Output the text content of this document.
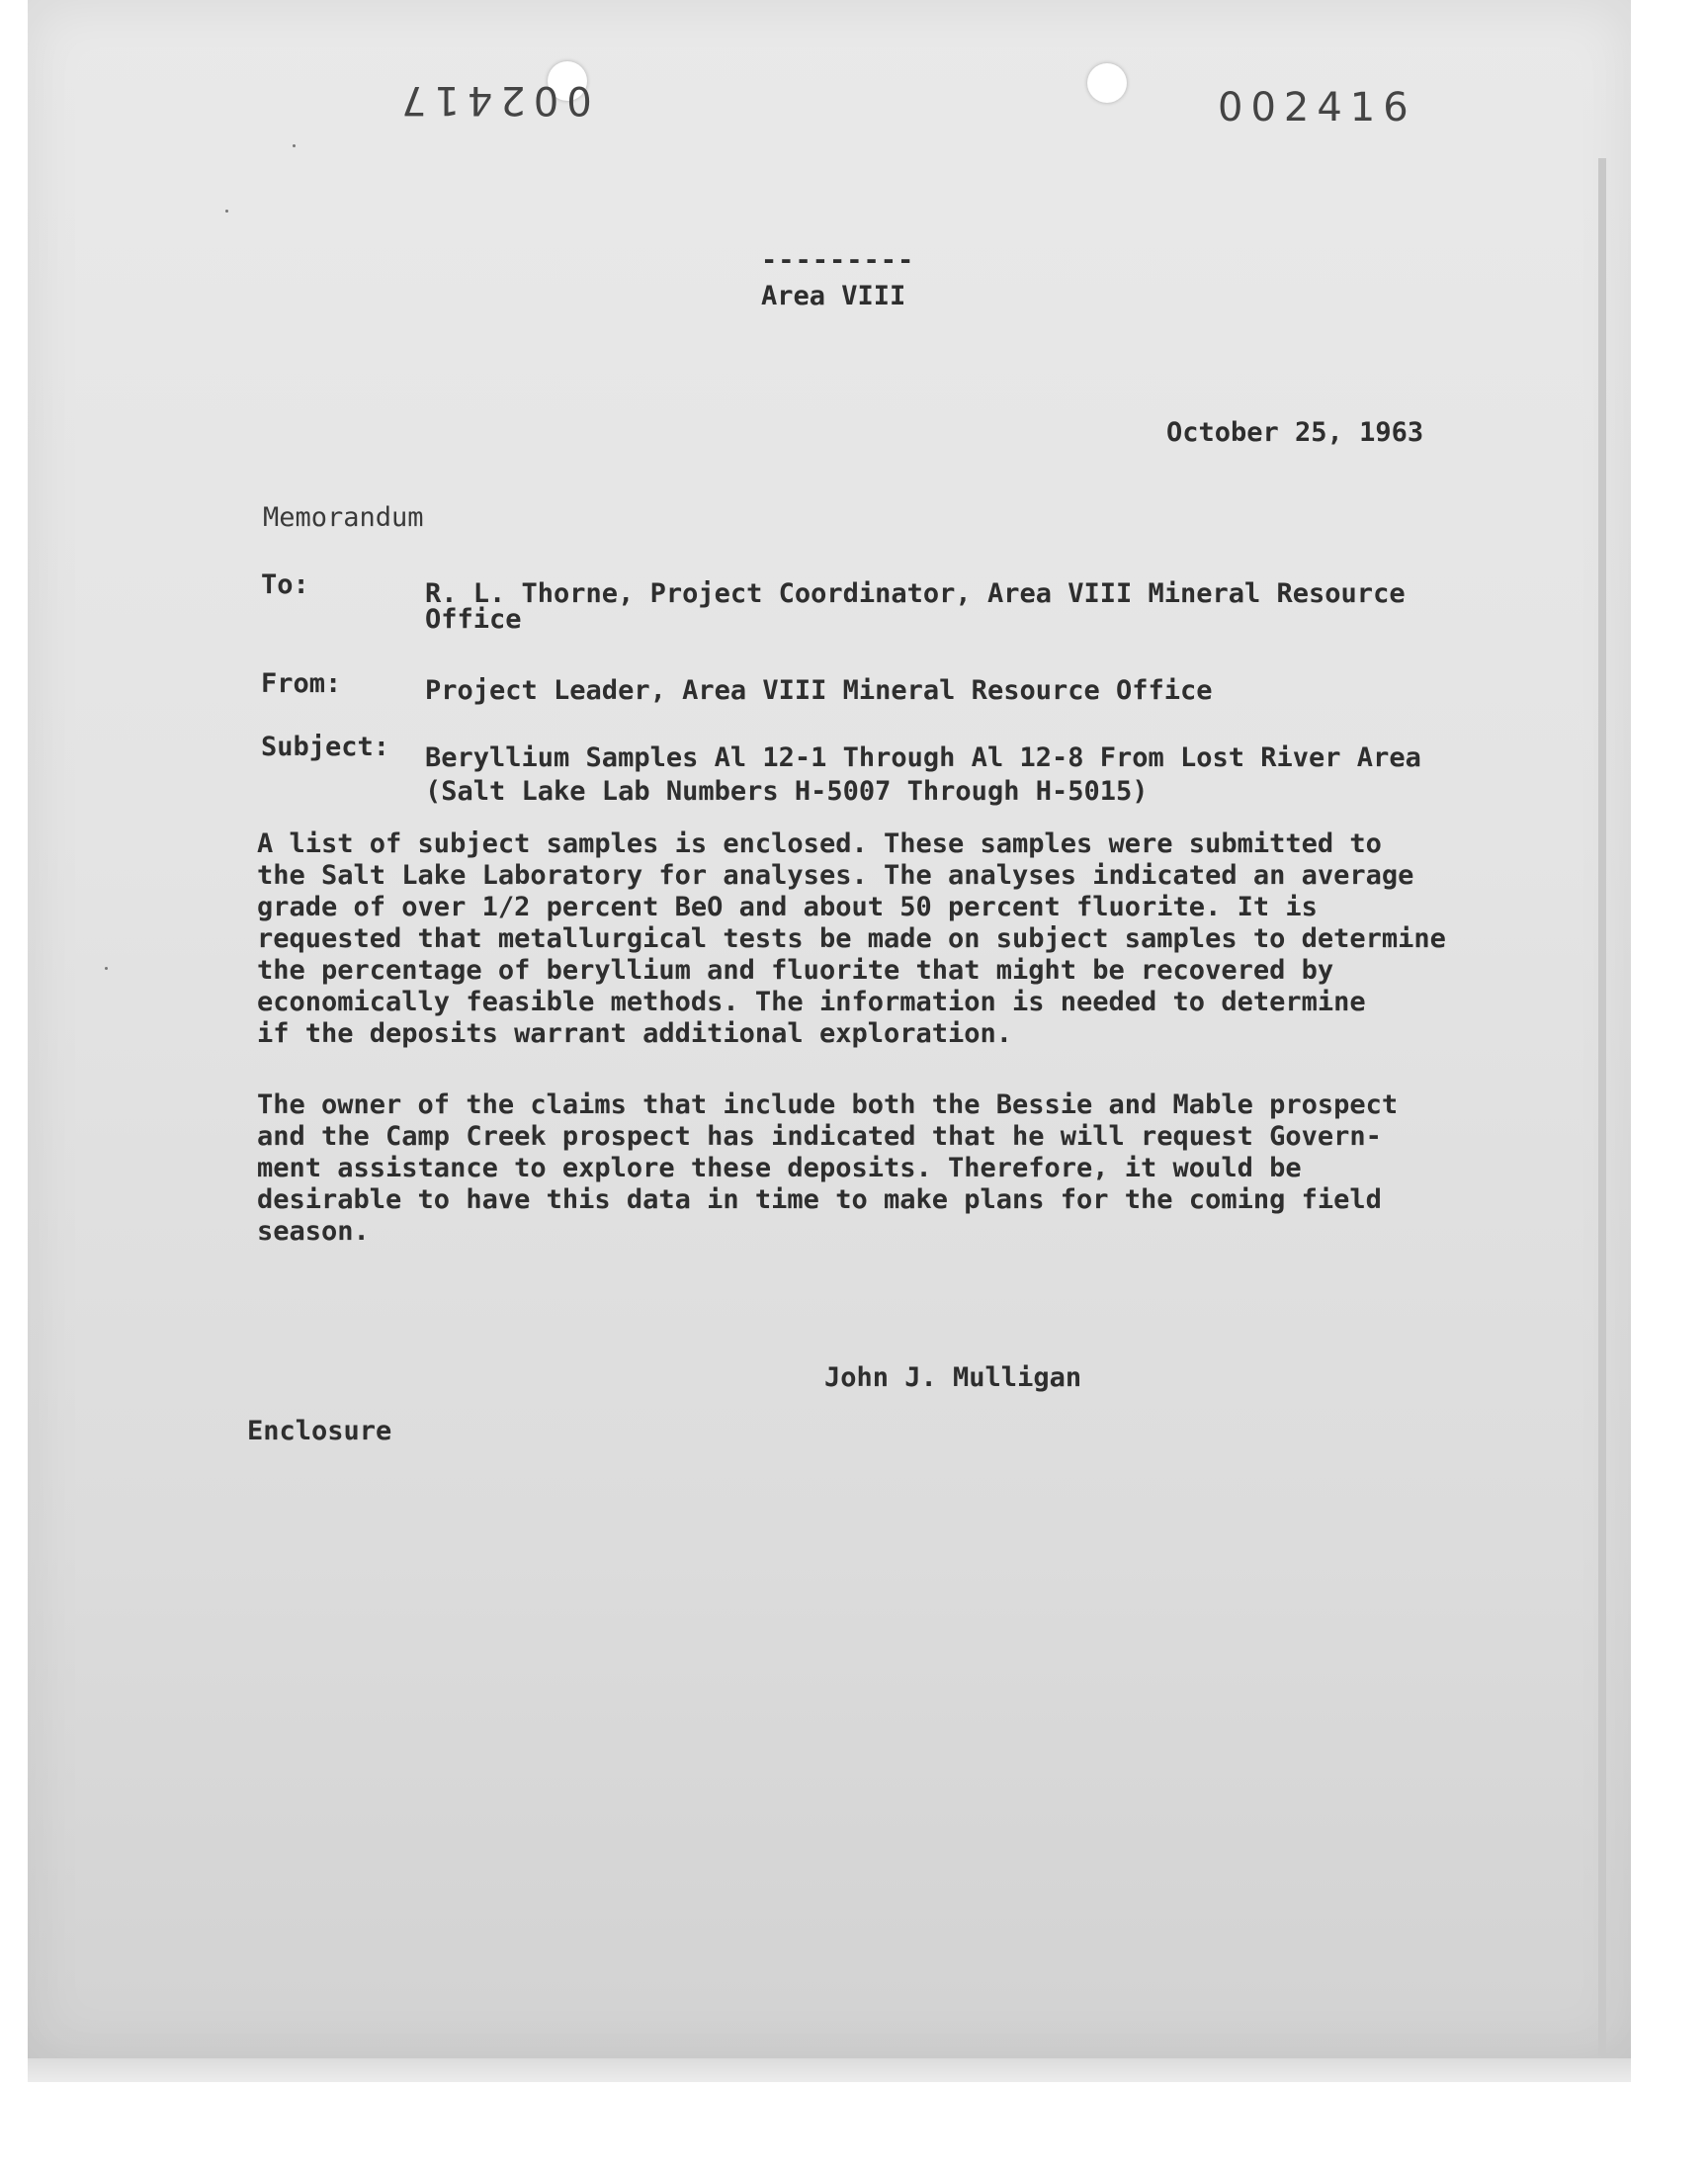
002417	002416
---------
Area VIII
October 25, 1963
Memorandum
To:	R. L. Thorne, Project Coordinator, Area VIII Mineral Resource
Office
From:	Project Leader, Area VIII Mineral Resource Office
Subject: Beryllium Samples Al 12-1 Through Al 12-8 From Lost River Area
(Salt Lake Lab Numbers H-5007 Through H-5015)
A list of subject samples is enclosed. These samples were submitted to
the Salt Lake Laboratory for analyses. The analyses indicated an average
grade of over 1/2 percent BeO and about 50 percent fluorite. It is
requested that metallurgical tests be made on subject samples to determine
the percentage of beryllium and fluorite that might be recovered by
economically feasible methods. The information is needed to determine
if the deposits warrant additional exploration.
The owner of the claims that include both the Bessie and Mable prospect
and the Camp Creek prospect has indicated that he will request Govern-
ment assistance to explore these deposits. Therefore, it would be
desirable to have this data in time to make plans for the coming field
season.
John J. Mulligan
Enclosure
